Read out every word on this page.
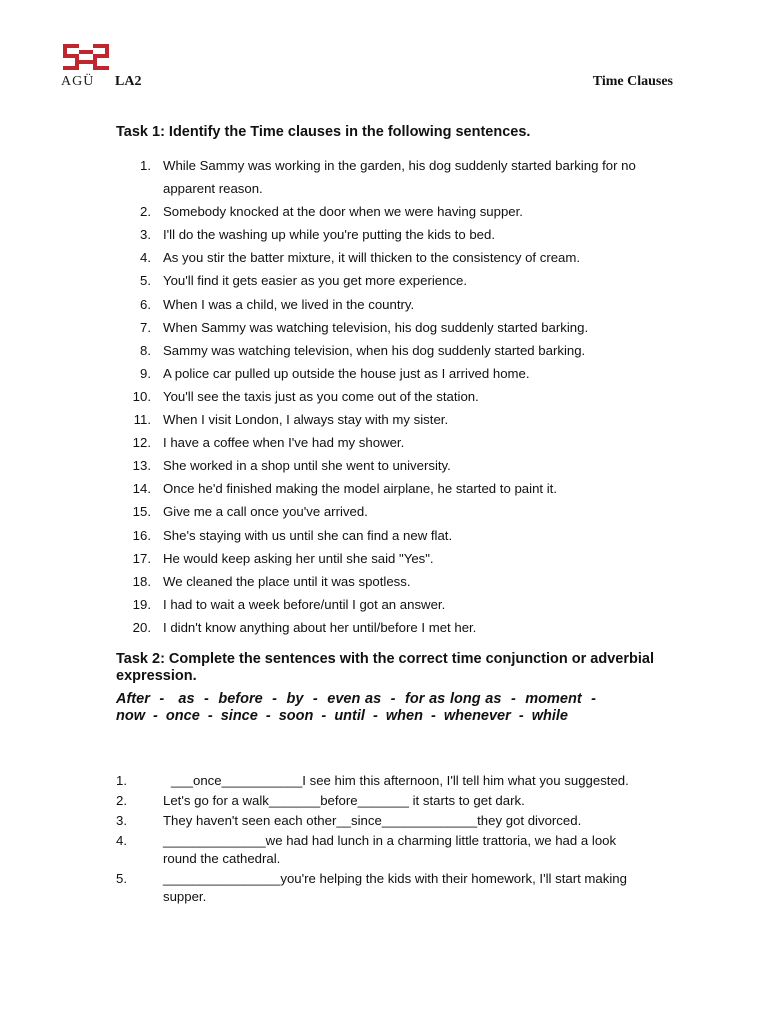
AGÜ LA2	Time Clauses
Task 1: Identify the Time clauses in the following sentences.
1. While Sammy was working in the garden, his dog suddenly started barking for no apparent reason.
2. Somebody knocked at the door when we were having supper.
3. I'll do the washing up while you're putting the kids to bed.
4. As you stir the batter mixture, it will thicken to the consistency of cream.
5. You'll find it gets easier as you get more experience.
6. When I was a child, we lived in the country.
7. When Sammy was watching television, his dog suddenly started barking.
8. Sammy was watching television, when his dog suddenly started barking.
9. A police car pulled up outside the house just as I arrived home.
10. You'll see the taxis just as you come out of the station.
11. When I visit London, I always stay with my sister.
12. I have a coffee when I've had my shower.
13. She worked in a shop until she went to university.
14. Once he'd finished making the model airplane, he started to paint it.
15. Give me a call once you've arrived.
16. She's staying with us until she can find a new flat.
17. He would keep asking her until she said "Yes".
18. We cleaned the place until it was spotless.
19. I had to wait a week before/until I got an answer.
20. I didn't know anything about her until/before I met her.
Task 2: Complete the sentences with the correct time conjunction or adverbial expression.
After  -   as  -  before  -  by  -  even as  -  for as long as  -  moment  -  now  -  once  -  since  -  soon  -  until  -  when  -  whenever  -  while
1.	___once___________I see him this afternoon, I'll tell him what you suggested.
2.	Let's go for a walk_______before_______ it starts to get dark.
3.	They haven't seen each other__since_____________they got divorced.
4.	______________we had had lunch in a charming little trattoria, we had a look round the cathedral.
5.	________________you're helping the kids with their homework, I'll start making supper.
